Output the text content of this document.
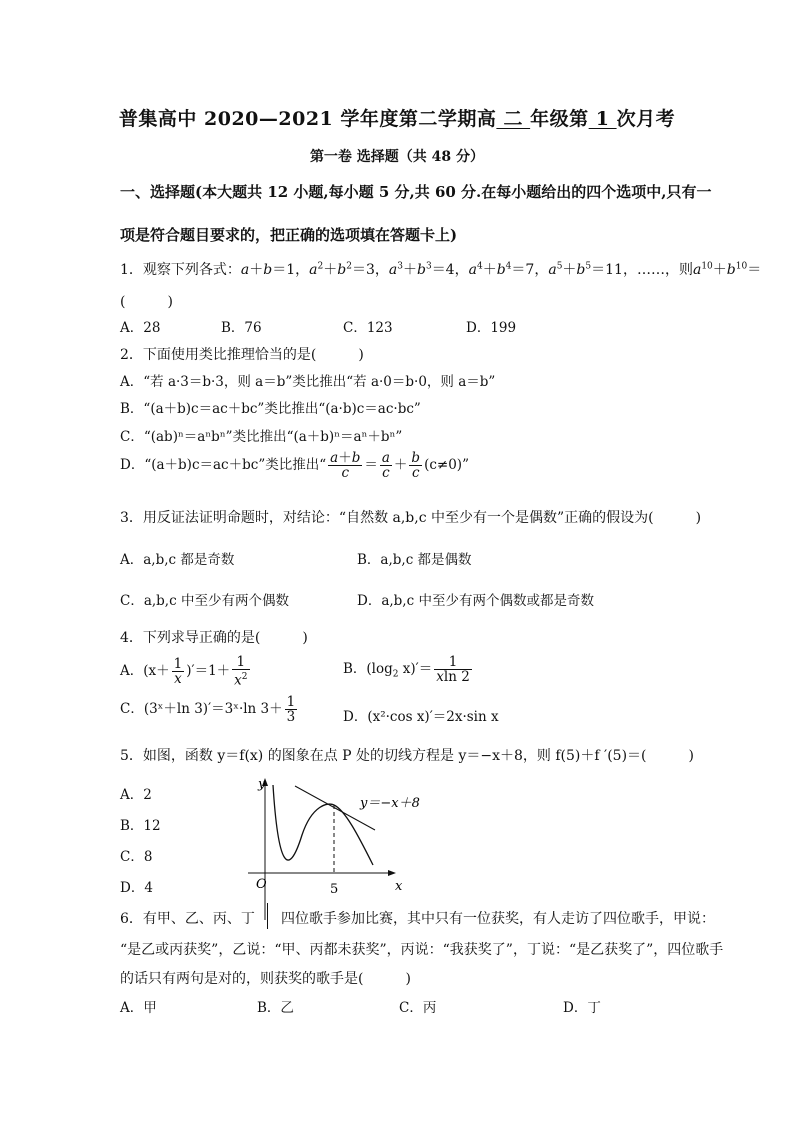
普集高中 2020—2021 学年度第二学期高 二 年级第 1 次月考
第一卷 选择题（共 48 分）
一、选择题(本大题共 12 小题,每小题 5 分,共 60 分.在每小题给出的四个选项中,只有一
项是符合题目要求的，把正确的选项填在答题卡上)
1．观察下列各式：a＋b＝1，$a^2+b^2=3$，$a^3+b^3=4$，$a^4+b^4=7$，$a^5+b^5=11$，……，则$a^{10}+b^{10}=$
(　　　)
A．28	B．76	C．123	D．199
2．下面使用类比推理恰当的是(　　　)
A．“若 a·3＝b·3，则 a＝b”类比推出“若 a·0＝b·0，则 a＝b”
B．“(a＋b)c＝ac＋bc”类比推出“(a·b)c＝ac·bc”
C．“(ab)ⁿ＝aⁿbⁿ”类比推出“(a＋b)ⁿ＝aⁿ＋bⁿ”
D．“(a＋b)c＝ac＋bc”类比推出“ $\frac{a+b}{c} = \frac{a}{c} + \frac{b}{c} (c\ne 0)$”
3．用反证法证明命题时，对结论：“自然数 a,b,c 中至少有一个是偶数”正确的假设为(　　　)
A．a,b,c 都是奇数	B．a,b,c 都是偶数
C．a,b,c 中至少有两个偶数	D．a,b,c 中至少有两个偶数或都是奇数
4．下列求导正确的是(　　　)
A．$(x+ \frac{1}{x} )'=1+ \frac{1}{x^2}$	B．($\log_2$ $x)'= \frac{1}{xln 2}$
C．(3ˣ＋ln 3)′＝3ˣ·ln $3+ \frac{1}{3}$	D．(x²·cos x)′＝2x·sin x
5．如图，函数 y＝f(x) 的图象在点 P 处的切线方程是 y＝−x＋8，则 f(5)＋f ′(5)＝(　　　)
A．2
B．12
C．8
D．4
y
x
O	5
y＝−x＋8
6．有甲、乙、丙、丁 四位歌手参加比赛，其中只有一位获奖，有人走访了四位歌手，甲说：
“是乙或丙获奖”，乙说：“甲、丙都未获奖”，丙说：“我获奖了”，丁说：“是乙获奖了”，四位歌手
的话只有两句是对的，则获奖的歌手是(　　　)
A．甲	B．乙	C．丙	D．丁
